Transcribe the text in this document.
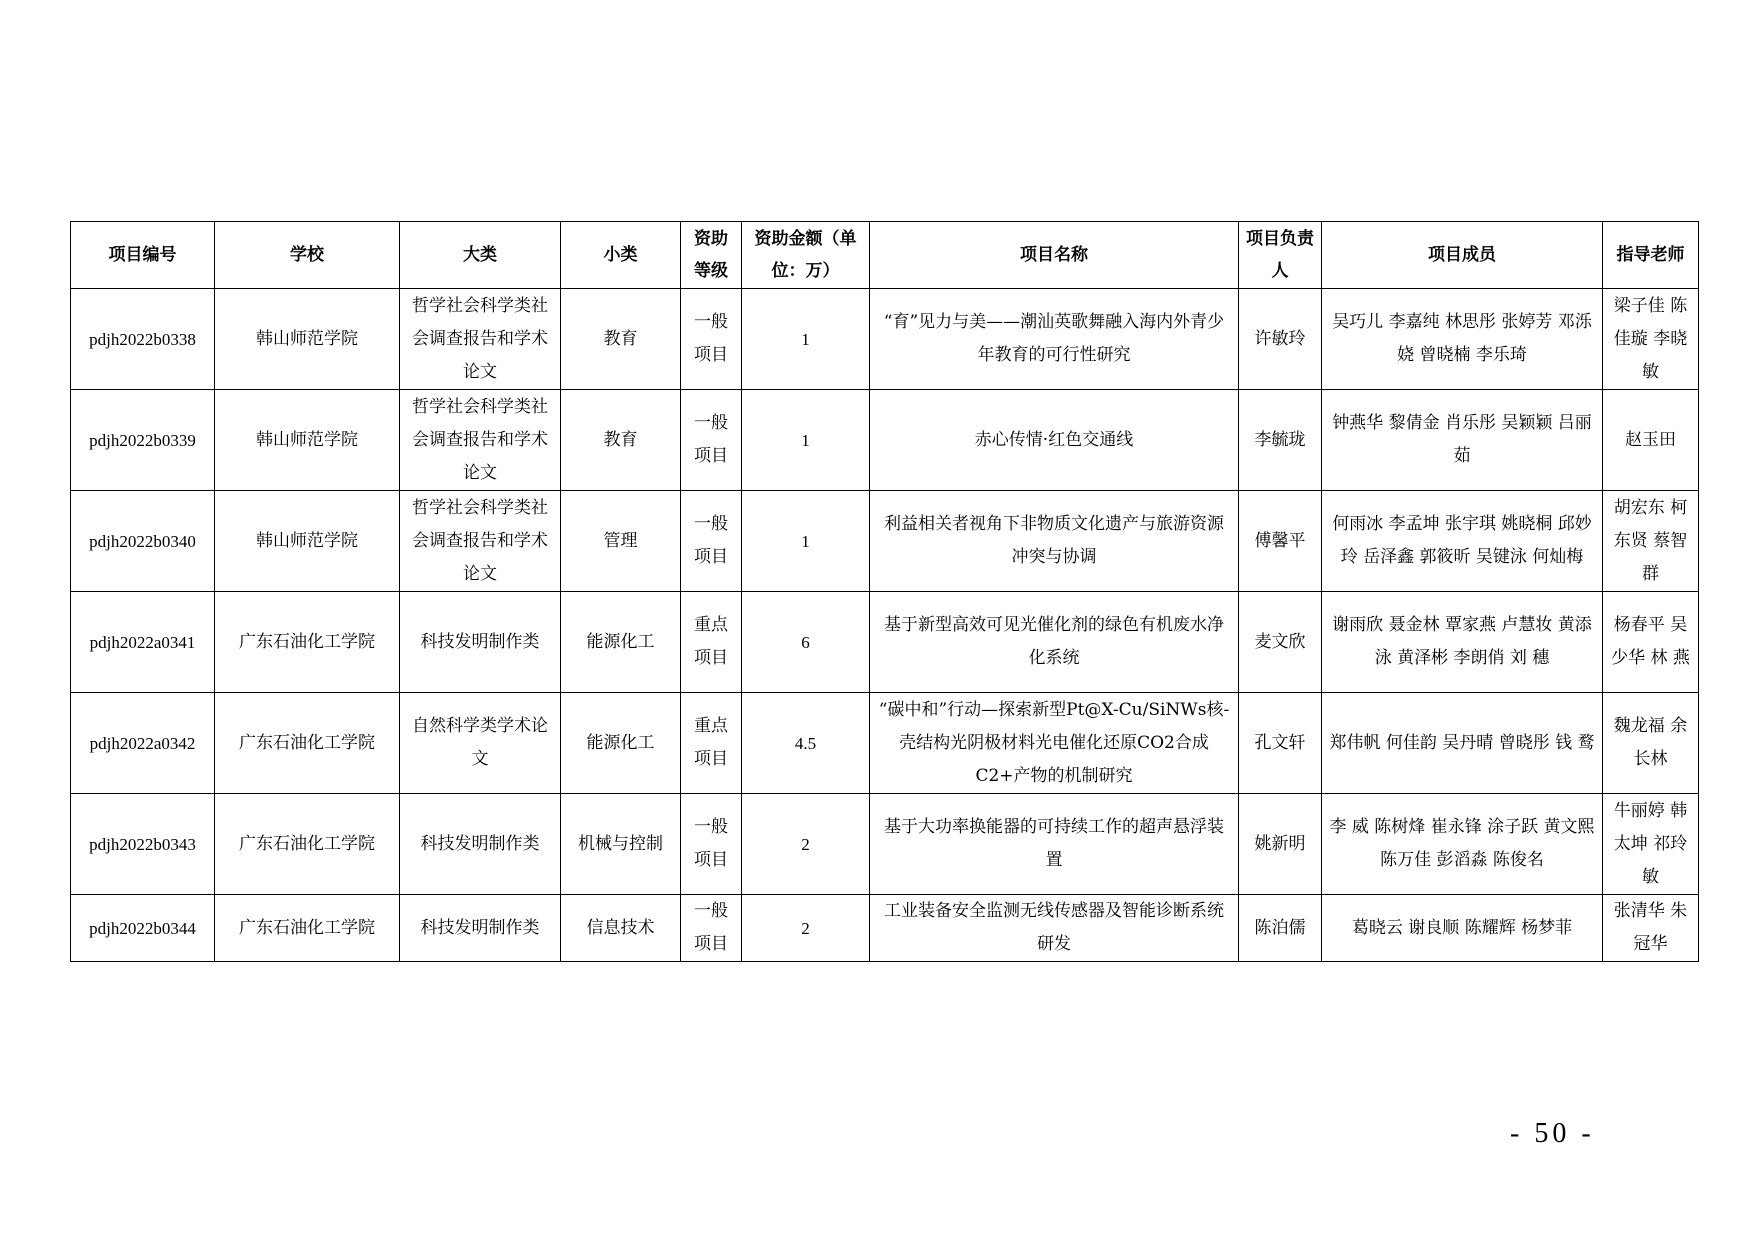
项目编号	学校	大类	小类	资助等级	资助金额（单位：万）	项目名称	项目负责人	项目成员	指导老师
pdjh2022b0338	韩山师范学院	哲学社会科学类社会调查报告和学术论文	教育	一般项目	1	“育”见力与美——潮汕英歌舞融入海内外青少年教育的可行性研究	许敏玲	吴巧儿 李嘉纯 林思彤 张婷芳 邓泺娆 曾晓楠 李乐琦	梁子佳 陈佳璇 李晓敏
pdjh2022b0339	韩山师范学院	哲学社会科学类社会调查报告和学术论文	教育	一般项目	1	赤心传情·红色交通线	李毓珑	钟燕华 黎倩金 肖乐彤 吴颖颖 吕丽茹	赵玉田
pdjh2022b0340	韩山师范学院	哲学社会科学类社会调查报告和学术论文	管理	一般项目	1	利益相关者视角下非物质文化遗产与旅游资源冲突与协调	傅馨平	何雨冰 李孟坤 张宇琪 姚晓桐 邱妙玲 岳泽鑫 郭筱昕 吴键泳 何灿梅	胡宏东 柯东贤 蔡智群
pdjh2022a0341	广东石油化工学院	科技发明制作类	能源化工	重点项目	6	基于新型高效可见光催化剂的绿色有机废水净化系统	麦文欣	谢雨欣 聂金林 覃家燕 卢慧妆 黄添泳 黄泽彬 李朗俏 刘 穗	杨春平 吴少华 林 燕
pdjh2022a0342	广东石油化工学院	自然科学类学术论文	能源化工	重点项目	4.5	“碳中和”行动—探索新型Pt@X-Cu/SiNWs核-壳结构光阴极材料光电催化还原CO2合成C2+产物的机制研究	孔文轩	郑伟帆 何佳韵 吴丹晴 曾晓彤 钱 鹜	魏龙福 余长林
pdjh2022b0343	广东石油化工学院	科技发明制作类	机械与控制	一般项目	2	基于大功率换能器的可持续工作的超声悬浮装置	姚新明	李 威 陈树烽 崔永锋 涂子跃 黄文熙 陈万佳 彭滔淼 陈俊名	牛丽婷 韩太坤 祁玲敏
pdjh2022b0344	广东石油化工学院	科技发明制作类	信息技术	一般项目	2	工业装备安全监测无线传感器及智能诊断系统研发	陈泊儒	葛晓云 谢良顺 陈耀辉 杨梦菲	张清华 朱冠华
- 50 -
